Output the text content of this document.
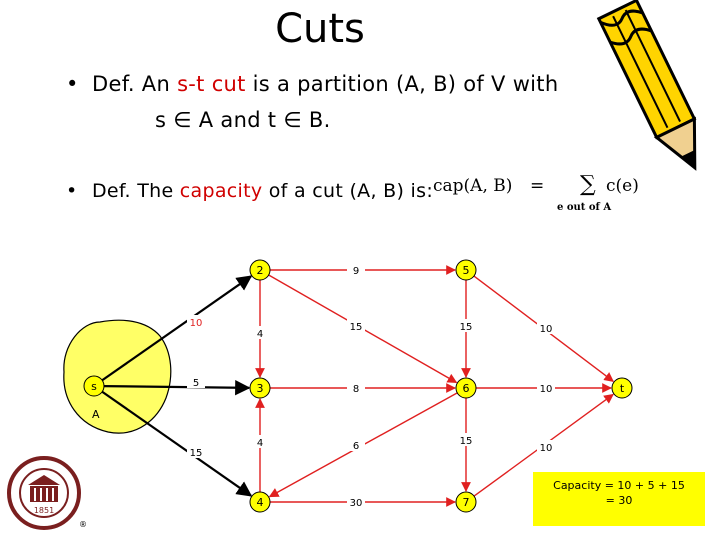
Cuts
• Def. An s-t cut is a partition (A, B) of V with
s ∈ A and t ∈ B.
• Def. The capacity of a cut (A, B) is: cap(A, B) = ∑ c(e)
e out of A
A
10
5
15
9
4
15	15	10
8	10
4	6
30
15
10
s
2
3
4
5
6
7
t
Capacity = 10 + 5 + 15
= 30
1851
®
